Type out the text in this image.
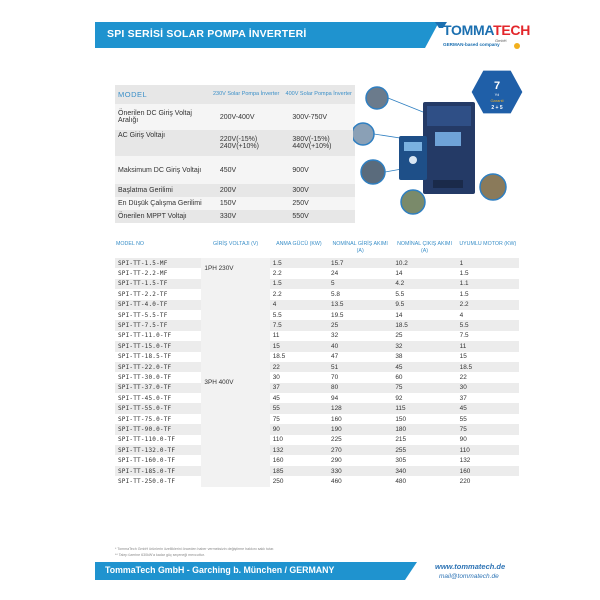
SPI SERİSİ SOLAR POMPA İNVERTERİ	TOMMATECH
GmbH
GERMAN-based company
MODEL	230V Solar Pompa İnverter	400V Solar Pompa İnverter
Önerilen DC Giriş Voltaj Aralığı	200V-400V	300V-750V
AC Giriş Voltajı	220V(-15%) 240V(+10%)	380V(-15%) 440V(+10%)
Maksimum DC Giriş Voltajı	450V	900V
Başlatma Gerilimi	200V	300V
En Düşük Çalışma Gerilimi	150V	250V
Önerilen MPPT Voltajı	330V	550V
7
Yıl
Garanti
2 + 5
MODEL NO	GİRİŞ VOLTAJI (V)	ANMA GÜCÜ (KW)	NOMİNAL GİRİŞ AKIMI (A)	NOMİNAL ÇIKIŞ AKIMI (A)	UYUMLU MOTOR (KW)
SPI-TT-1.5-MF	1PH 230V	1.5	15.7	10.2	1
SPI-TT-2.2-MF		2.2	24	14	1.5
SPI-TT-1.5-TF	3PH 400V	1.5	5	4.2	1.1
SPI-TT-2.2-TF		2.2	5.8	5.5	1.5
SPI-TT-4.0-TF		4	13.5	9.5	2.2
SPI-TT-5.5-TF		5.5	19.5	14	4
SPI-TT-7.5-TF		7.5	25	18.5	5.5
SPI-TT-11.0-TF		11	32	25	7.5
SPI-TT-15.0-TF		15	40	32	11
SPI-TT-18.5-TF		18.5	47	38	15
SPI-TT-22.0-TF		22	51	45	18.5
SPI-TT-30.0-TF		30	70	60	22
SPI-TT-37.0-TF		37	80	75	30
SPI-TT-45.0-TF		45	94	92	37
SPI-TT-55.0-TF		55	128	115	45
SPI-TT-75.0-TF		75	160	150	55
SPI-TT-90.0-TF		90	190	180	75
SPI-TT-110.0-TF		110	225	215	90
SPI-TT-132.0-TF		132	270	255	110
SPI-TT-160.0-TF		160	290	305	132
SPI-TT-185.0-TF		185	330	340	160
SPI-TT-250.0-TF		250	460	480	220
* TommaTech GmbH ürünlerin özelliklerini önceden haber vermeksizin değiştirme hakkını saklı tutar.
** Talep üzerine 630kW'a kadar güç seçeneği mevcuttur.
TommaTech GmbH - Garching b. München / GERMANY	www.tommatech.de
mail@tommatech.de
